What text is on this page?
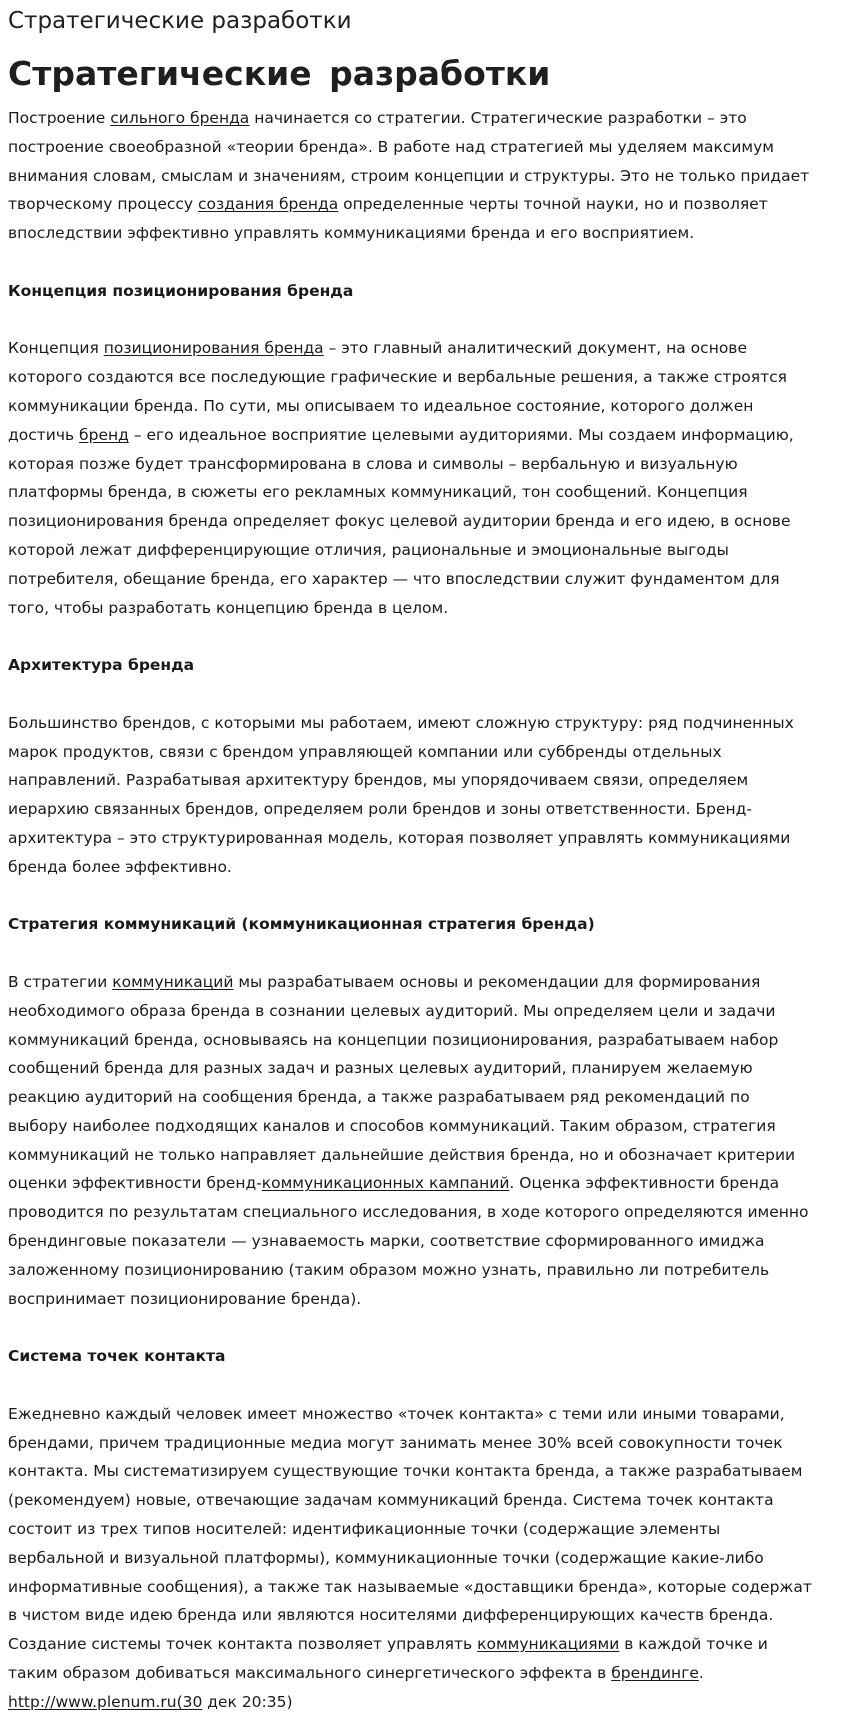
Стратегические разработки
Стратегические разработки

Построение сильного бренда начинается со стратегии. Стратегические разработки – это

построение своеобразной «теории бренда». В работе над стратегией мы уделяем максимум

внимания словам, смыслам и значениям, строим концепции и структуры. Это не только придает

творческому процессу создания бренда определенные черты точной науки, но и позволяет

впоследствии эффективно управлять коммуникациями бренда и его восприятием.

Концепция позиционирования бренда

Концепция позиционирования бренда – это главный аналитический документ, на основе

которого создаются все последующие графические и вербальные решения, а также строятся

коммуникации бренда. По сути, мы описываем то идеальное состояние, которого должен

достичь бренд – его идеальное восприятие целевыми аудиториями. Мы создаем информацию,

которая позже будет трансформирована в слова и символы – вербальную и визуальную

платформы бренда, в сюжеты его рекламных коммуникаций, тон сообщений. Концепция

позиционирования бренда определяет фокус целевой аудитории бренда и его идею, в основе

которой лежат дифференцирующие отличия, рациональные и эмоциональные выгоды

потребителя, обещание бренда, его характер — что впоследствии служит фундаментом для

того, чтобы разработать концепцию бренда в целом.

Архитектура бренда

Большинство брендов, с которыми мы работаем, имеют сложную структуру: ряд подчиненных

марок продуктов, связи с брендом управляющей компании или суббренды отдельных

направлений. Разрабатывая архитектуру брендов, мы упорядочиваем связи, определяем

иерархию связанных брендов, определяем роли брендов и зоны ответственности. Бренд-

архитектура – это структурированная модель, которая позволяет управлять коммуникациями

бренда более эффективно.

Стратегия коммуникаций (коммуникационная стратегия бренда)

В стратегии коммуникаций мы разрабатываем основы и рекомендации для формирования

необходимого образа бренда в сознании целевых аудиторий. Мы определяем цели и задачи

коммуникаций бренда, основываясь на концепции позиционирования, разрабатываем набор

сообщений бренда для разных задач и разных целевых аудиторий, планируем желаемую

реакцию аудиторий на сообщения бренда, а также разрабатываем ряд рекомендаций по

выбору наиболее подходящих каналов и способов коммуникаций. Таким образом, стратегия

коммуникаций не только направляет дальнейшие действия бренда, но и обозначает критерии

оценки эффективности бренд-коммуникационных кампаний. Оценка эффективности бренда

проводится по результатам специального исследования, в ходе которого определяются именно

брендинговые показатели — узнаваемость марки, соответствие сформированного имиджа

заложенному позиционированию (таким образом можно узнать, правильно ли потребитель

воспринимает позиционирование бренда).

Система точек контакта

Ежедневно каждый человек имеет множество «точек контакта» с теми или иными товарами,

брендами, причем традиционные медиа могут занимать менее 30% всей совокупности точек

контакта. Мы систематизируем существующие точки контакта бренда, а также разрабатываем

(рекомендуем) новые, отвечающие задачам коммуникаций бренда. Система точек контакта

состоит из трех типов носителей: идентификационные точки (содержащие элементы

вербальной и визуальной платформы), коммуникационные точки (содержащие какие-либо

информативные сообщения), а также так называемые «доставщики бренда», которые содержат

в чистом виде идею бренда или являются носителями дифференцирующих качеств бренда.

Создание системы точек контакта позволяет управлять коммуникациями в каждой точке и

таким образом добиваться максимального синергетического эффекта в брендинге.

http://www.plenum.ru(30 дек 20:35)
